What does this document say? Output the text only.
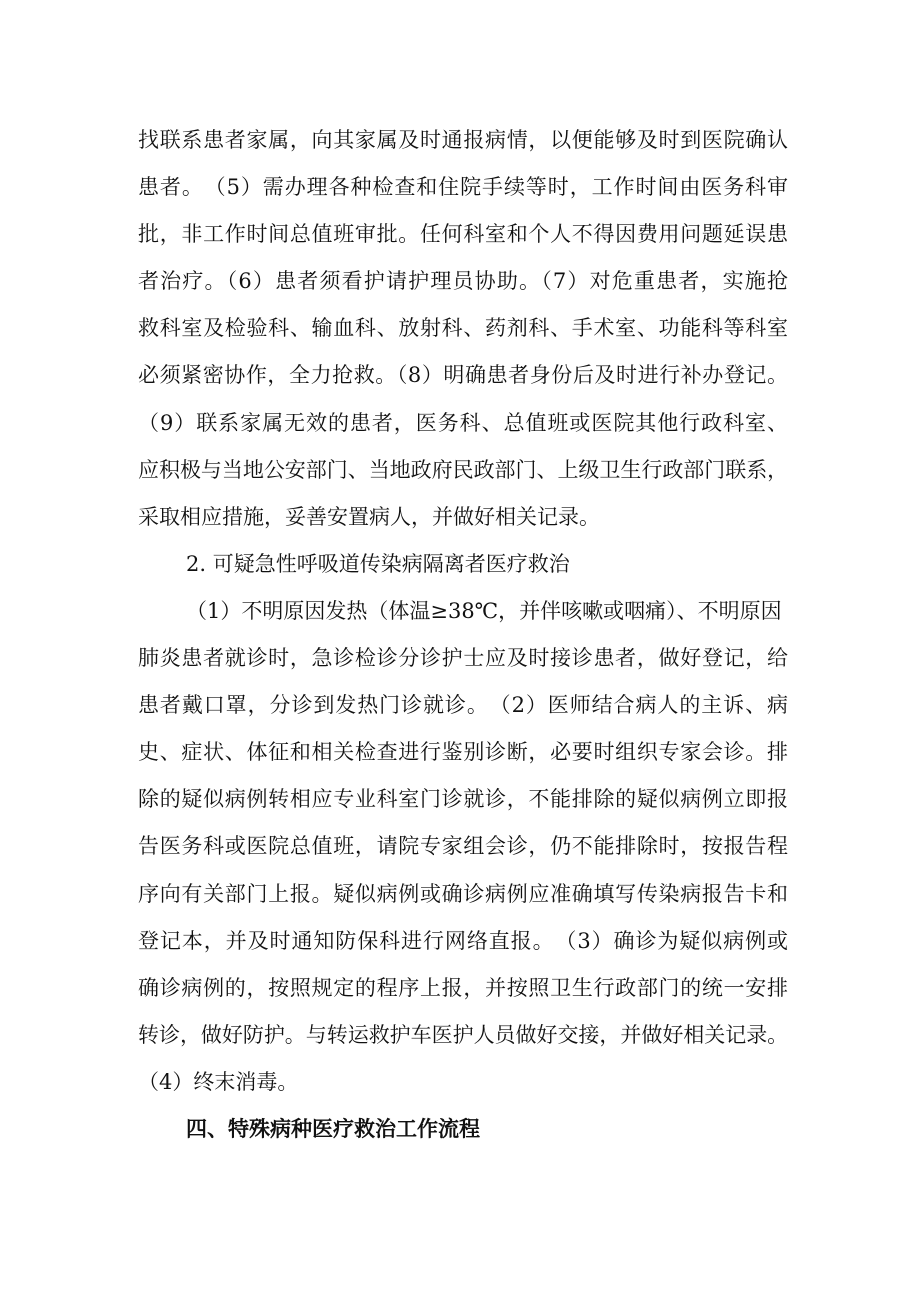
找联系患者家属，向其家属及时通报病情，以便能够及时到医院确认
患者。　（5）需办理各种检查和住院手续等时，工作时间由医务科审
批，非工作时间总值班审批。任何科室和个人不得因费用问题延误患
者治疗。（6）患者须看护请护理员协助。（7）对危重患者，实施抢
救科室及检验科、输血科、放射科、药剂科、手术室、功能科等科室
必须紧密协作，全力抢救。（8）明确患者身份后及时进行补办登记。
（9）联系家属无效的患者，医务科、总值班或医院其他行政科室、
应积极与当地公安部门、当地政府民政部门、上级卫生行政部门联系，
采取相应措施，妥善安置病人，并做好相关记录。
2. 可疑急性呼吸道传染病隔离者医疗救治
（1）不明原因发热（体温≥38℃，并伴咳嗽或咽痛）、不明原因
肺炎患者就诊时，急诊检诊分诊护士应及时接诊患者，做好登记，给
患者戴口罩，分诊到发热门诊就诊。　（2）医师结合病人的主诉、病
史、症状、体征和相关检查进行鉴别诊断，必要时组织专家会诊。排
除的疑似病例转相应专业科室门诊就诊，不能排除的疑似病例立即报
告医务科或医院总值班，请院专家组会诊，仍不能排除时，按报告程
序向有关部门上报。疑似病例或确诊病例应准确填写传染病报告卡和
登记本，并及时通知防保科进行网络直报。　（3）确诊为疑似病例或
确诊病例的，按照规定的程序上报，并按照卫生行政部门的统一安排
转诊，做好防护。与转运救护车医护人员做好交接，并做好相关记录。
（4）终末消毒。
四、特殊病种医疗救治工作流程
